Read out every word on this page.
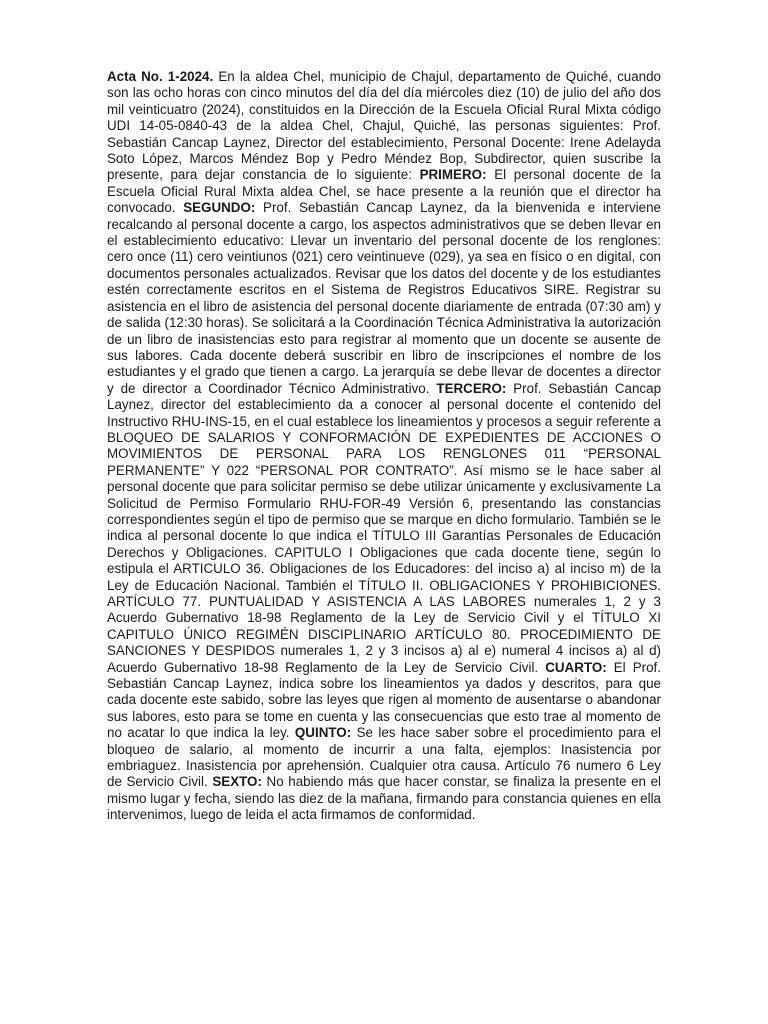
Acta No. 1-2024. En la aldea Chel, municipio de Chajul, departamento de Quiché, cuando son las ocho horas con cinco minutos del día del día miércoles diez (10) de julio del año dos mil veinticuatro (2024), constituidos en la Dirección de la Escuela Oficial Rural Mixta código UDI 14-05-0840-43 de la aldea Chel, Chajul, Quiché, las personas siguientes: Prof. Sebastián Cancap Laynez, Director del establecimiento, Personal Docente: Irene Adelayda Soto López, Marcos Méndez Bop y Pedro Méndez Bop, Subdirector, quien suscribe la presente, para dejar constancia de lo siguiente: PRIMERO: El personal docente de la Escuela Oficial Rural Mixta aldea Chel, se hace presente a la reunión que el director ha convocado. SEGUNDO: Prof. Sebastián Cancap Laynez, da la bienvenida e interviene recalcando al personal docente a cargo, los aspectos administrativos que se deben llevar en el establecimiento educativo: Llevar un inventario del personal docente de los renglones: cero once (11) cero veintiunos (021) cero veintinueve (029), ya sea en físico o en digital, con documentos personales actualizados. Revisar que los datos del docente y de los estudiantes estén correctamente escritos en el Sistema de Registros Educativos SIRE. Registrar su asistencia en el libro de asistencia del personal docente diariamente de entrada (07:30 am) y de salida (12:30 horas). Se solicitará a la Coordinación Técnica Administrativa la autorización de un libro de inasistencias esto para registrar al momento que un docente se ausente de sus labores. Cada docente deberá suscribir en libro de inscripciones el nombre de los estudiantes y el grado que tienen a cargo. La jerarquía se debe llevar de docentes a director y de director a Coordinador Técnico Administrativo. TERCERO: Prof. Sebastián Cancap Laynez, director del establecimiento da a conocer al personal docente el contenido del Instructivo RHU-INS-15, en el cual establece los lineamientos y procesos a seguir referente a BLOQUEO DE SALARIOS Y CONFORMACIÓN DE EXPEDIENTES DE ACCIONES O MOVIMIENTOS DE PERSONAL PARA LOS RENGLONES 011 “PERSONAL PERMANENTE” Y 022 “PERSONAL POR CONTRATO”. Así mismo se le hace saber al personal docente que para solicitar permiso se debe utilizar únicamente y exclusivamente La Solicitud de Permiso Formulario RHU-FOR-49 Versión 6, presentando las constancias correspondientes según el tipo de permiso que se marque en dicho formulario. También se le indica al personal docente lo que indica el TÍTULO III Garantías Personales de Educación Derechos y Obligaciones. CAPITULO I Obligaciones que cada docente tiene, según lo estipula el ARTICULO 36. Obligaciones de los Educadores: del inciso a) al inciso m) de la Ley de Educación Nacional. También el TÍTULO II. OBLIGACIONES Y PROHIBICIONES. ARTÍCULO 77. PUNTUALIDAD Y ASISTENCIA A LAS LABORES numerales 1, 2 y 3 Acuerdo Gubernativo 18-98 Reglamento de la Ley de Servicio Civil y el TÍTULO XI CAPITULO ÚNICO REGIMÉN DISCIPLINARIO ARTÍCULO 80. PROCEDIMIENTO DE SANCIONES Y DESPIDOS numerales 1, 2 y 3 incisos a) al e) numeral 4 incisos a) al d) Acuerdo Gubernativo 18-98 Reglamento de la Ley de Servicio Civil. CUARTO: El Prof. Sebastián Cancap Laynez, indica sobre los lineamientos ya dados y descritos, para que cada docente este sabido, sobre las leyes que rigen al momento de ausentarse o abandonar sus labores, esto para se tome en cuenta y las consecuencias que esto trae al momento de no acatar lo que indica la ley. QUINTO: Se les hace saber sobre el procedimiento para el bloqueo de salario, al momento de incurrir a una falta, ejemplos: Inasistencia por embriaguez. Inasistencia por aprehensión. Cualquier otra causa. Artículo 76 numero 6 Ley de Servicio Civil. SEXTO: No habiendo más que hacer constar, se finaliza la presente en el mismo lugar y fecha, siendo las diez de la mañana, firmando para constancia quienes en ella intervenimos, luego de leida el acta firmamos de conformidad.
